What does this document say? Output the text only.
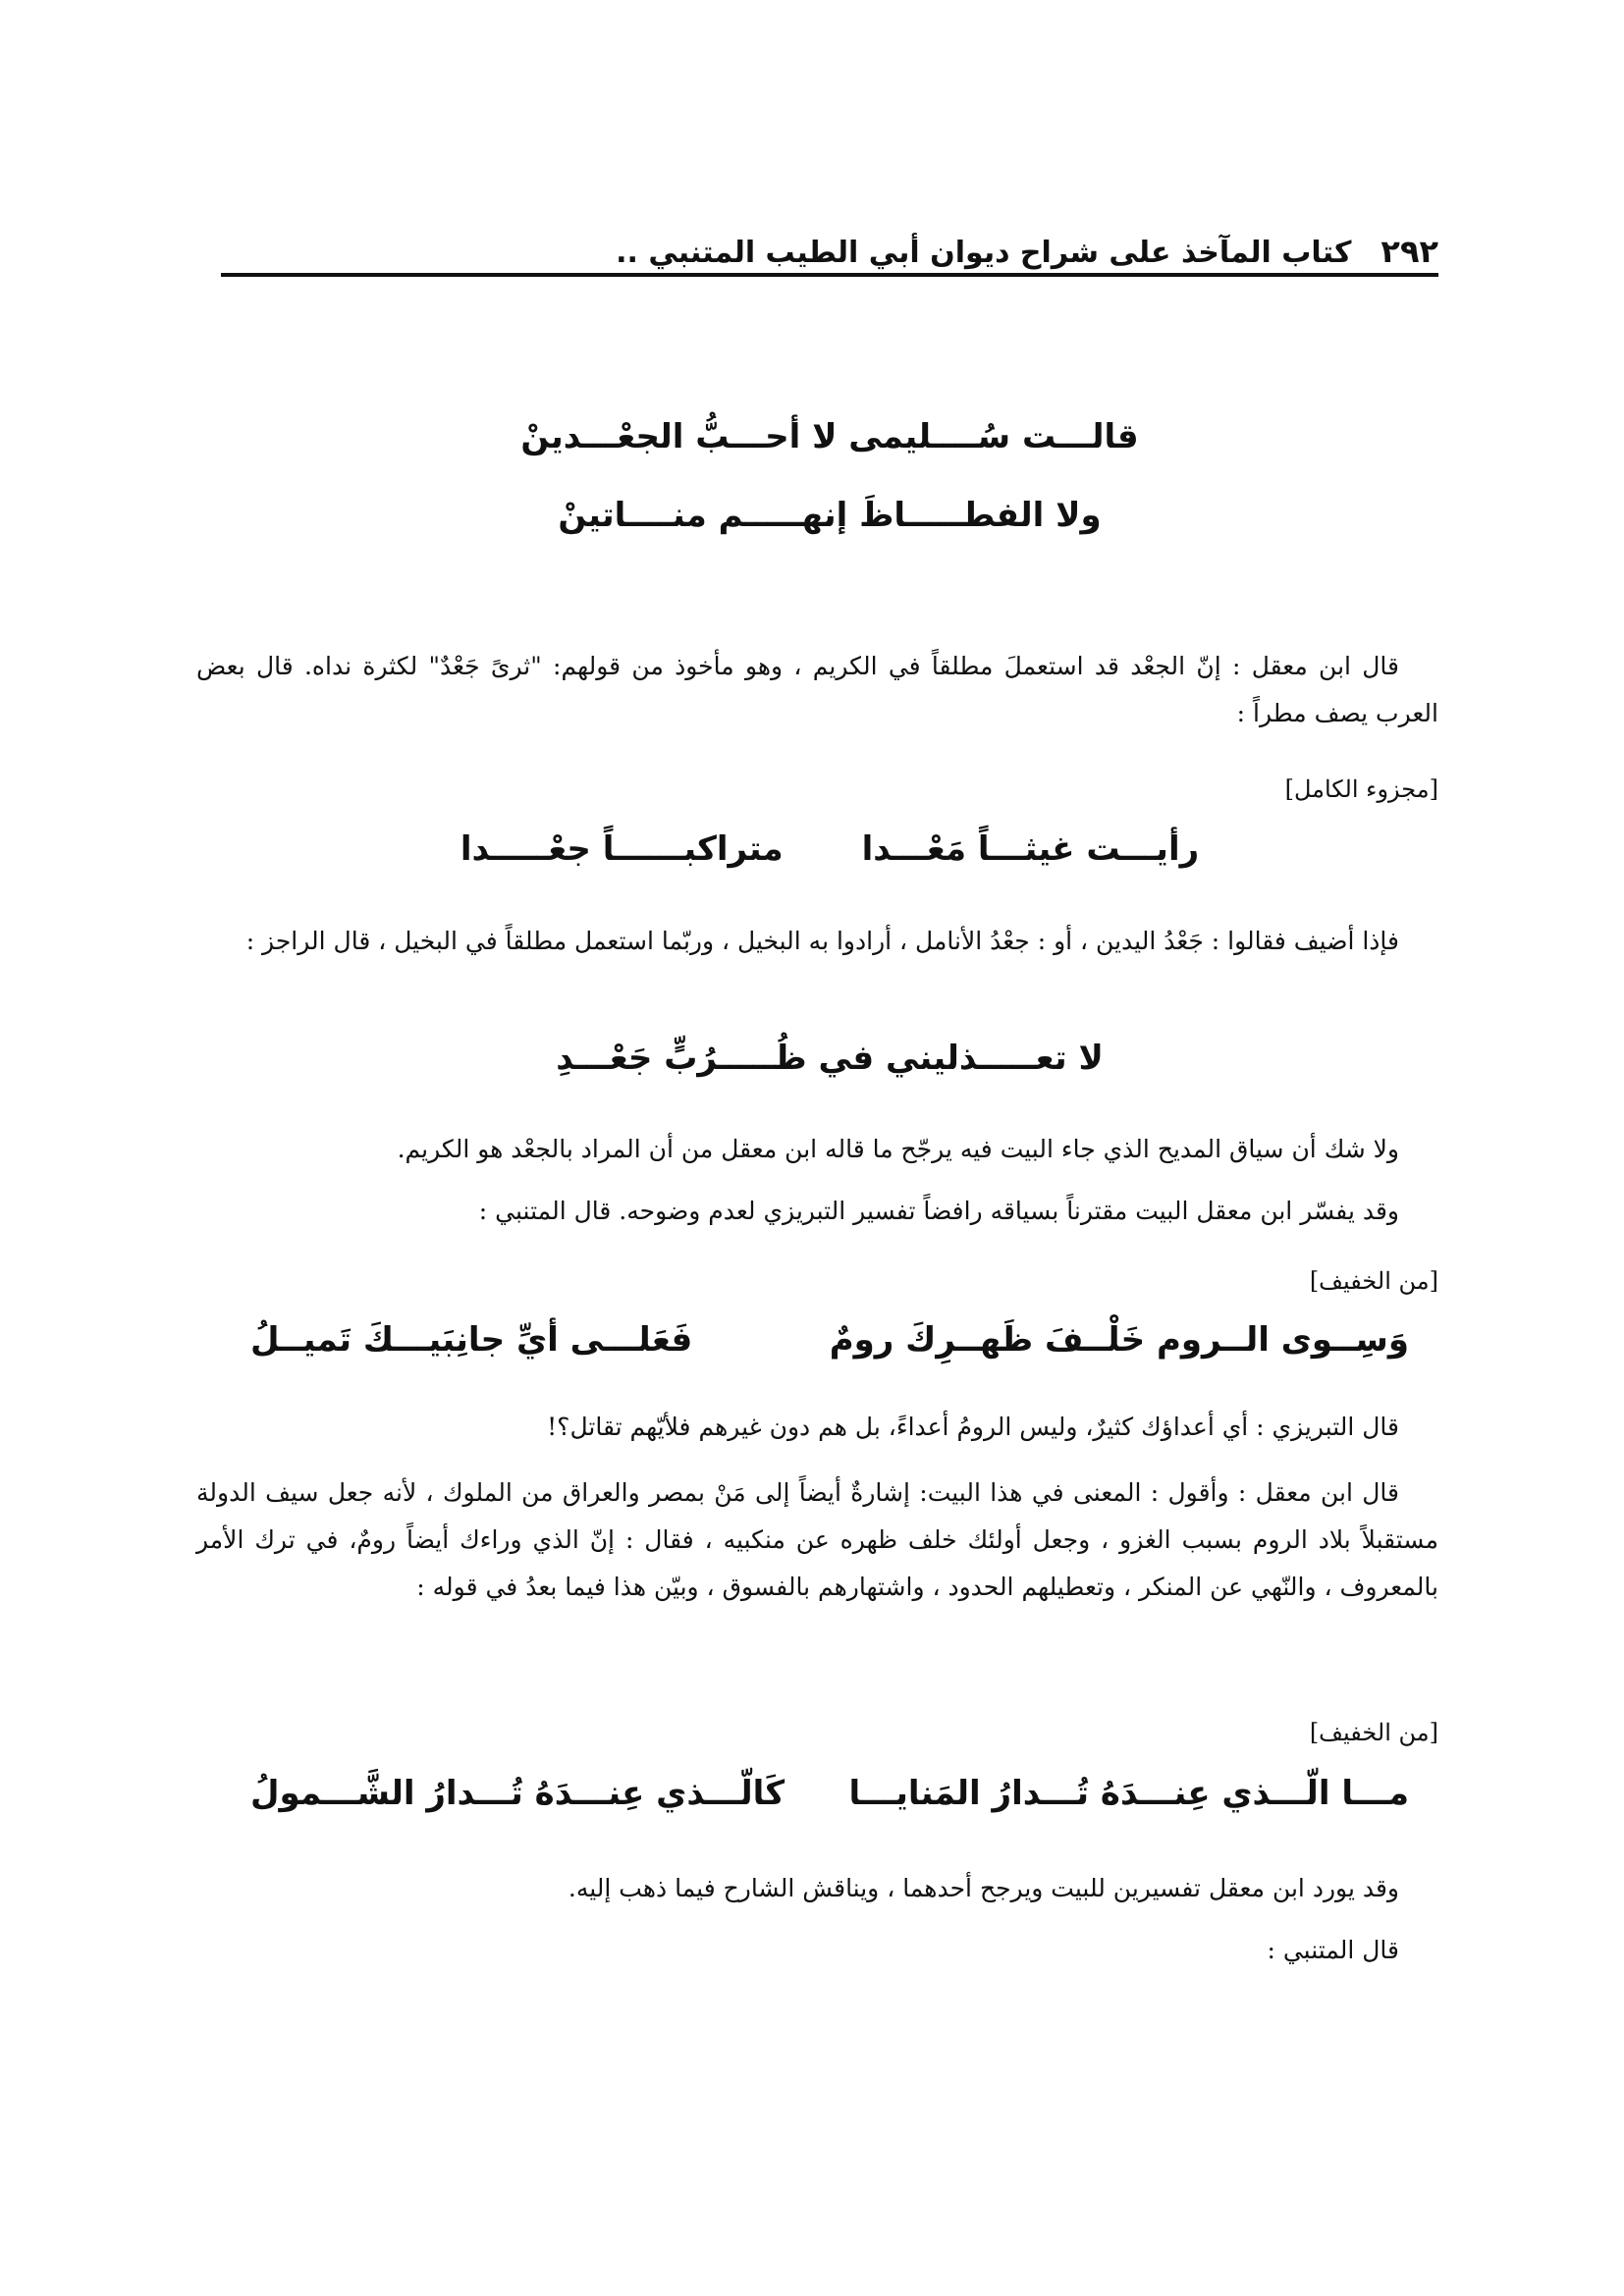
٢٩٢
كتاب المآخذ على شراح ديوان أبي الطيب المتنبي ..
قالـــت سُــــليمى لا أحـــبُّ الجعْـــدينْ
ولا الفطـــــاظَ إنهـــــم منــــاتينْ
قال ابن معقل : إنّ الجعْد قد استعملَ مطلقاً في الكريم ، وهو مأخوذ من قولهم: "ثرىً جَعْدٌ" لكثرة نداه. قال بعض العرب يصف مطراً :
[مجزوء الكامل]
رأيـــت غيثـــاً مَعْـــدا
متراكبــــــاً جعْـــــدا
فإذا أضيف فقالوا : جَعْدُ اليدين ، أو : جعْدُ الأنامل ، أرادوا به البخيل ، وربّما استعمل مطلقاً في البخيل ، قال الراجز :
لا تعـــــذليني في ظُـــــرُبٍّ جَعْـــدِ
ولا شك أن سياق المديح الذي جاء البيت فيه يرجّح ما قاله ابن معقل من أن المراد بالجعْد هو الكريم.
وقد يفسّر ابن معقل البيت مقترناً بسياقه رافضاً تفسير التبريزي لعدم وضوحه. قال المتنبي :
[من الخفيف]
وَسِــوى الــروم خَلْــفَ ظَهــرِكَ رومٌ
فَعَلـــى أيِّ جانِبَيـــكَ تَميــلُ
قال التبريزي : أي أعداؤك كثيرٌ، وليس الرومُ أعداءً، بل هم دون غيرهم فلأيّهم تقاتل؟!
قال ابن معقل : وأقول : المعنى في هذا البيت: إشارةٌ أيضاً إلى مَنْ بمصر والعراق من الملوك ، لأنه جعل سيف الدولة مستقبلاً بلاد الروم بسبب الغزو ، وجعل أولئك خلف ظهره عن منكبيه ، فقال : إنّ الذي وراءك أيضاً رومٌ، في ترك الأمر بالمعروف ، والنّهي عن المنكر ، وتعطيلهم الحدود ، واشتهارهم بالفسوق ، وبيّن هذا فيما بعدُ في قوله :
[من الخفيف]
مـــا الّـــذي عِنـــدَهُ تُـــدارُ المَنايـــا
كَالّـــذي عِنـــدَهُ تُـــدارُ الشَّـــمولُ
وقد يورد ابن معقل تفسيرين للبيت ويرجح أحدهما ، ويناقش الشارح فيما ذهب إليه.
قال المتنبي :
